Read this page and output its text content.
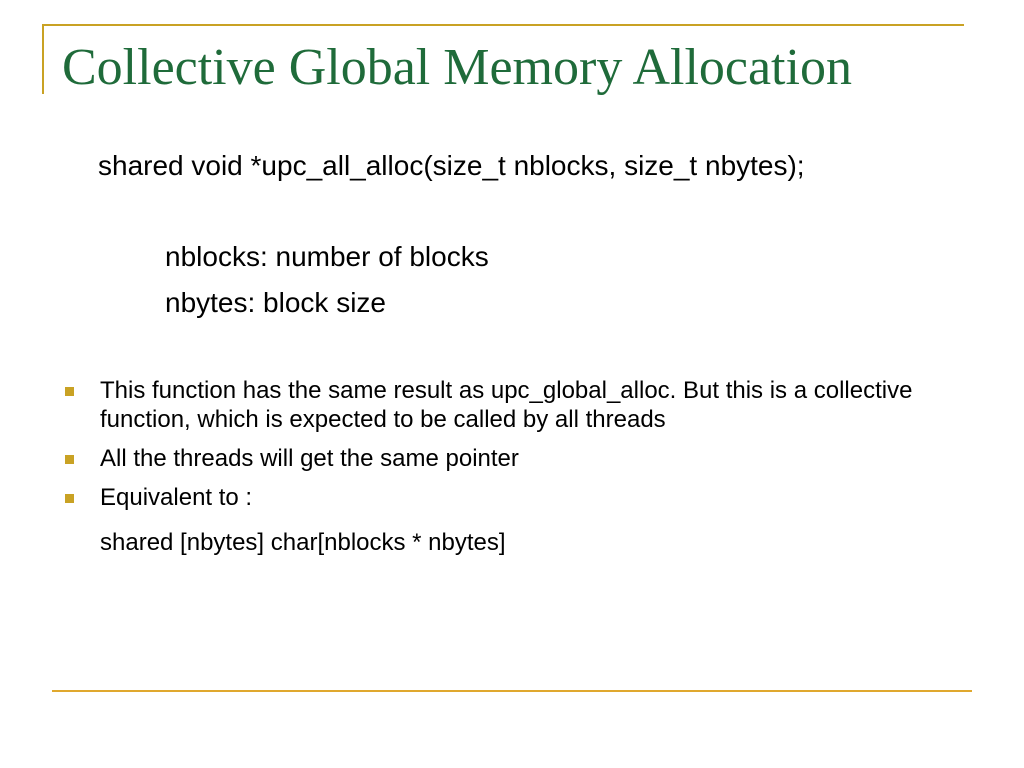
Collective Global Memory Allocation
shared void *upc_all_alloc(size_t nblocks, size_t nbytes);
nblocks: number of blocks
nbytes: block size
This function has the same result as upc_global_alloc. But this is a collective function, which is expected to be called by all threads
All the threads will get the same pointer
Equivalent to :
shared [nbytes] char[nblocks * nbytes]
